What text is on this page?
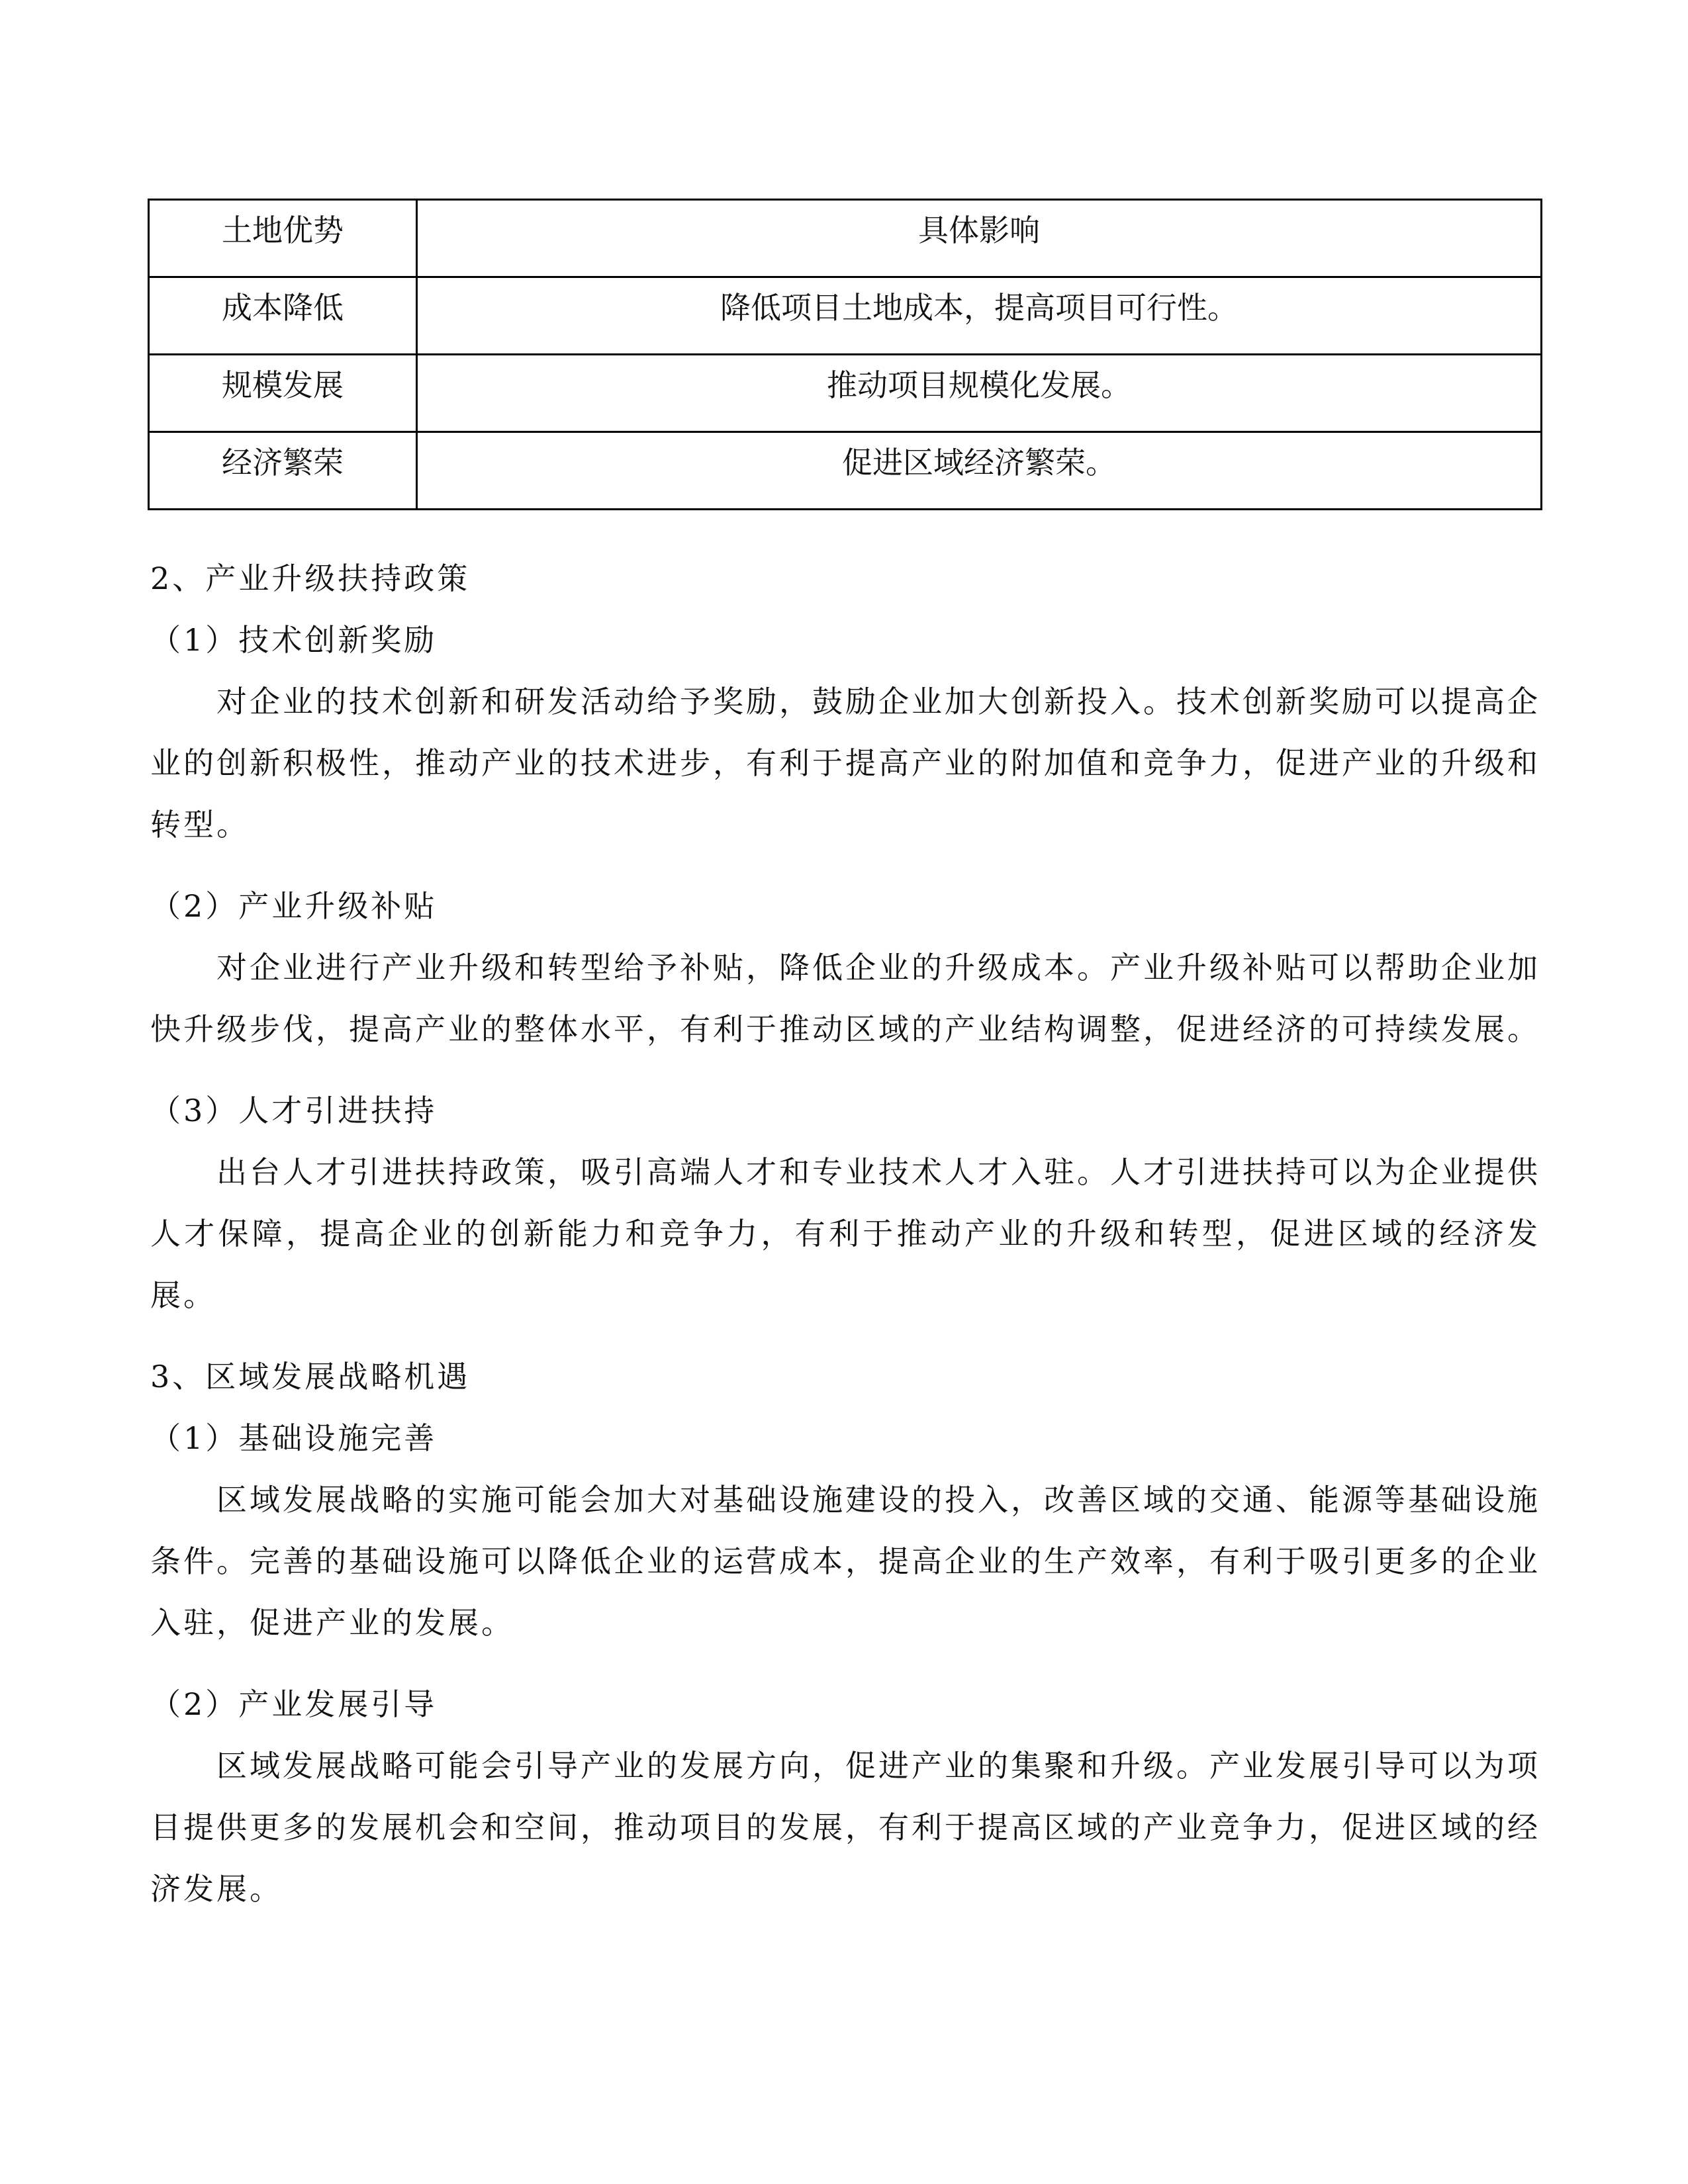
土地优势	具体影响

成本降低	降低项目土地成本，提高项目可行性。

规模发展	推动项目规模化发展。

经济繁荣	促进区域经济繁荣。
2、产业升级扶持政策
（1）技术创新奖励
对企业的技术创新和研发活动给予奖励，鼓励企业加大创新投入。技术创新奖励可以提高企业的创新积极性，推动产业的技术进步，有利于提高产业的附加值和竞争力，促进产业的升级和转型。
（2）产业升级补贴
对企业进行产业升级和转型给予补贴，降低企业的升级成本。产业升级补贴可以帮助企业加快升级步伐，提高产业的整体水平，有利于推动区域的产业结构调整，促进经济的可持续发展。
（3）人才引进扶持
出台人才引进扶持政策，吸引高端人才和专业技术人才入驻。人才引进扶持可以为企业提供人才保障，提高企业的创新能力和竞争力，有利于推动产业的升级和转型，促进区域的经济发展。
3、区域发展战略机遇
（1）基础设施完善
区域发展战略的实施可能会加大对基础设施建设的投入，改善区域的交通、能源等基础设施条件。完善的基础设施可以降低企业的运营成本，提高企业的生产效率，有利于吸引更多的企业入驻，促进产业的发展。
（2）产业发展引导
区域发展战略可能会引导产业的发展方向，促进产业的集聚和升级。产业发展引导可以为项目提供更多的发展机会和空间，推动项目的发展，有利于提高区域的产业竞争力，促进区域的经济发展。
